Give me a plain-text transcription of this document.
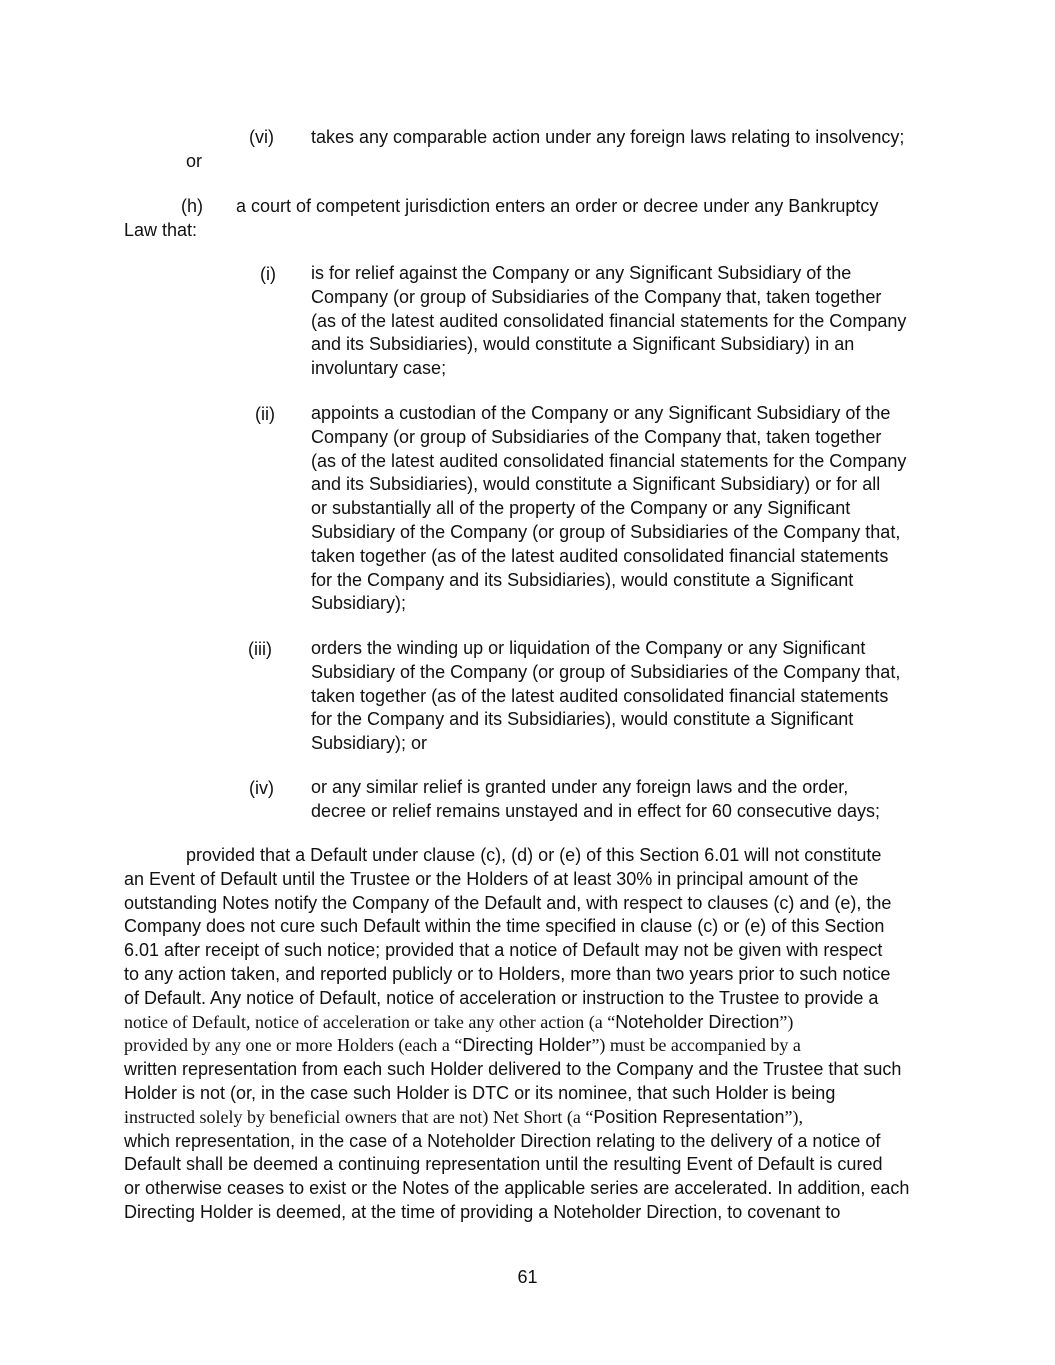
(vi) takes any comparable action under any foreign laws relating to insolvency;
or
(h) a court of competent jurisdiction enters an order or decree under any Bankruptcy
Law that:
(i) is for relief against the Company or any Significant Subsidiary of the
Company (or group of Subsidiaries of the Company that, taken together
(as of the latest audited consolidated financial statements for the Company
and its Subsidiaries), would constitute a Significant Subsidiary) in an
involuntary case;
(ii) appoints a custodian of the Company or any Significant Subsidiary of the
Company (or group of Subsidiaries of the Company that, taken together
(as of the latest audited consolidated financial statements for the Company
and its Subsidiaries), would constitute a Significant Subsidiary) or for all
or substantially all of the property of the Company or any Significant
Subsidiary of the Company (or group of Subsidiaries of the Company that,
taken together (as of the latest audited consolidated financial statements
for the Company and its Subsidiaries), would constitute a Significant
Subsidiary);
(iii) orders the winding up or liquidation of the Company or any Significant
Subsidiary of the Company (or group of Subsidiaries of the Company that,
taken together (as of the latest audited consolidated financial statements
for the Company and its Subsidiaries), would constitute a Significant
Subsidiary); or
(iv) or any similar relief is granted under any foreign laws and the order,
decree or relief remains unstayed and in effect for 60 consecutive days;
provided that a Default under clause (c), (d) or (e) of this Section 6.01 will not constitute
an Event of Default until the Trustee or the Holders of at least 30% in principal amount of the
outstanding Notes notify the Company of the Default and, with respect to clauses (c) and (e), the
Company does not cure such Default within the time specified in clause (c) or (e) of this Section
6.01 after receipt of such notice; provided that a notice of Default may not be given with respect
to any action taken, and reported publicly or to Holders, more than two years prior to such notice
of Default. Any notice of Default, notice of acceleration or instruction to the Trustee to provide a
notice of Default, notice of acceleration or take any other action (a “Noteholder Direction”)
provided by any one or more Holders (each a “Directing Holder”) must be accompanied by a
written representation from each such Holder delivered to the Company and the Trustee that such
Holder is not (or, in the case such Holder is DTC or its nominee, that such Holder is being
instructed solely by beneficial owners that are not) Net Short (a “Position Representation”),
which representation, in the case of a Noteholder Direction relating to the delivery of a notice of
Default shall be deemed a continuing representation until the resulting Event of Default is cured
or otherwise ceases to exist or the Notes of the applicable series are accelerated. In addition, each
Directing Holder is deemed, at the time of providing a Noteholder Direction, to covenant to
61
